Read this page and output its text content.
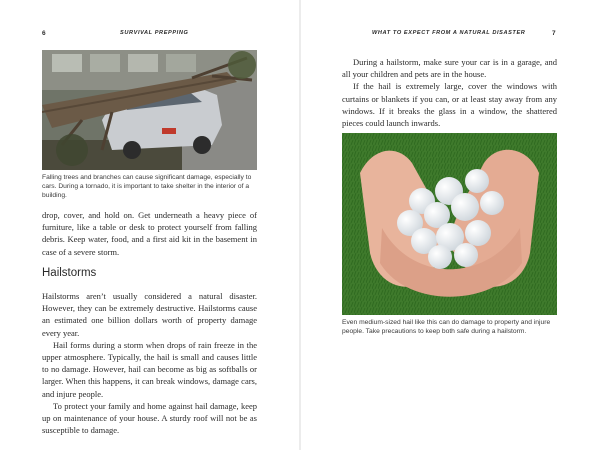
6	SURVIVAL PREPPING
Falling trees and branches can cause significant damage, especially to cars. During a tornado, it is important to take shelter in the interior of a building.

drop, cover, and hold on. Get underneath a heavy piece of furniture, like a table or desk to protect yourself from falling debris. Keep water, food, and a first aid kit in the basement in case of a severe storm.

Hailstorms

Hailstorms aren’t usually considered a natural disaster. However, they can be extremely destructive. Hailstorms cause an estimated one billion dollars worth of property damage every year.

Hail forms during a storm when drops of rain freeze in the upper atmosphere. Typically, the hail is small and causes little to no damage. However, hail can become as big as softballs or larger. When this happens, it can break windows, damage cars, and injure people.

To protect your family and home against hail damage, keep up on maintenance of your house. A sturdy roof will not be as susceptible to damage.

WHAT TO EXPECT FROM A NATURAL DISASTER	7

During a hailstorm, make sure your car is in a garage, and all your children and pets are in the house.

If the hail is extremely large, cover the windows with curtains or blankets if you can, or at least stay away from any windows. If it breaks the glass in a window, the shattered pieces could launch inwards.

Even medium-sized hail like this can do damage to property and injure people. Take precautions to keep both safe during a hailstorm.
